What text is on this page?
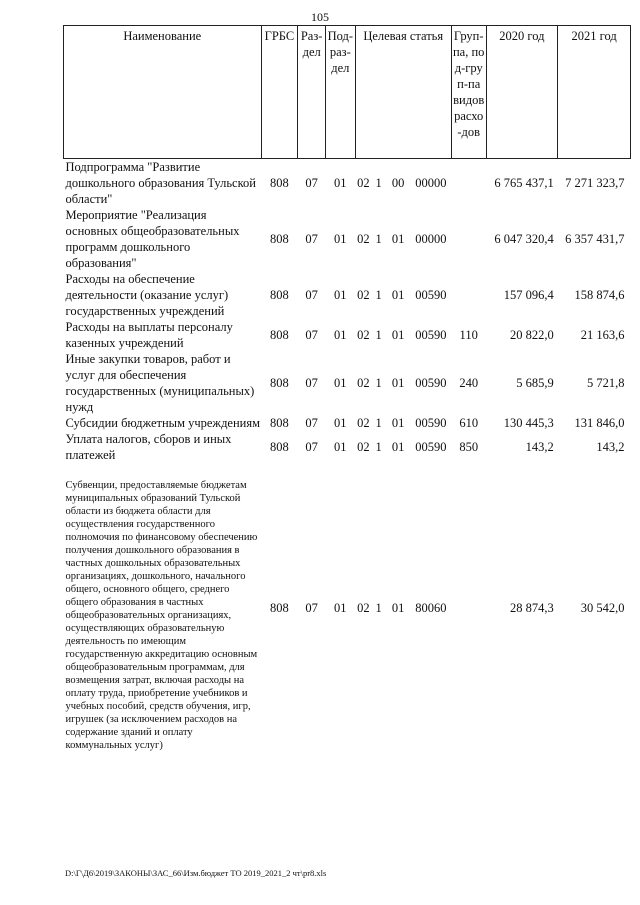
105
Наименование	ГРБС	Раз-дел	Под-раз-дел	Целевая статья				Груп-па, под-груп-па видов расхо-дов	2020 год	2021 год
Подпрограмма "Развитие дошкольного образования Тульской области"	808	07	01	02	1	00	00000		6 765 437,1	7 271 323,7
Мероприятие "Реализация основных общеобразовательных программ дошкольного образования"	808	07	01	02	1	01	00000		6 047 320,4	6 357 431,7
Расходы на обеспечение деятельности (оказание услуг) государственных учреждений	808	07	01	02	1	01	00590		157 096,4	158 874,6
Расходы на выплаты персоналу казенных учреждений	808	07	01	02	1	01	00590	110	20 822,0	21 163,6
Иные закупки товаров, работ и услуг для обеспечения государственных (муниципальных) нужд	808	07	01	02	1	01	00590	240	5 685,9	5 721,8
Субсидии бюджетным учреждениям	808	07	01	02	1	01	00590	610	130 445,3	131 846,0
Уплата налогов, сборов и иных платежей	808	07	01	02	1	01	00590	850	143,2	143,2
Субвенции, предоставляемые бюджетам муниципальных образований Тульской области из бюджета области для осуществления государственного полномочия по финансовому обеспечению получения дошкольного образования в частных дошкольных образовательных организациях, дошкольного, начального общего, основного общего, среднего общего образования в частных общеобразовательных организациях, осуществляющих образовательную деятельность по имеющим государственную аккредитацию основным общеобразовательным программам, для возмещения затрат, включая расходы на оплату труда, приобретение учебников и учебных пособий, средств обучения, игр, игрушек (за исключением расходов на содержание зданий и оплату коммунальных услуг)	808	07	01	02	1	01	80060		28 874,3	30 542,0
D:\Г\Д6\2019\ЗАКОНЫ\ЗАС_66\Изм.бюджет ТО 2019_2021_2 чт\pr8.xls
